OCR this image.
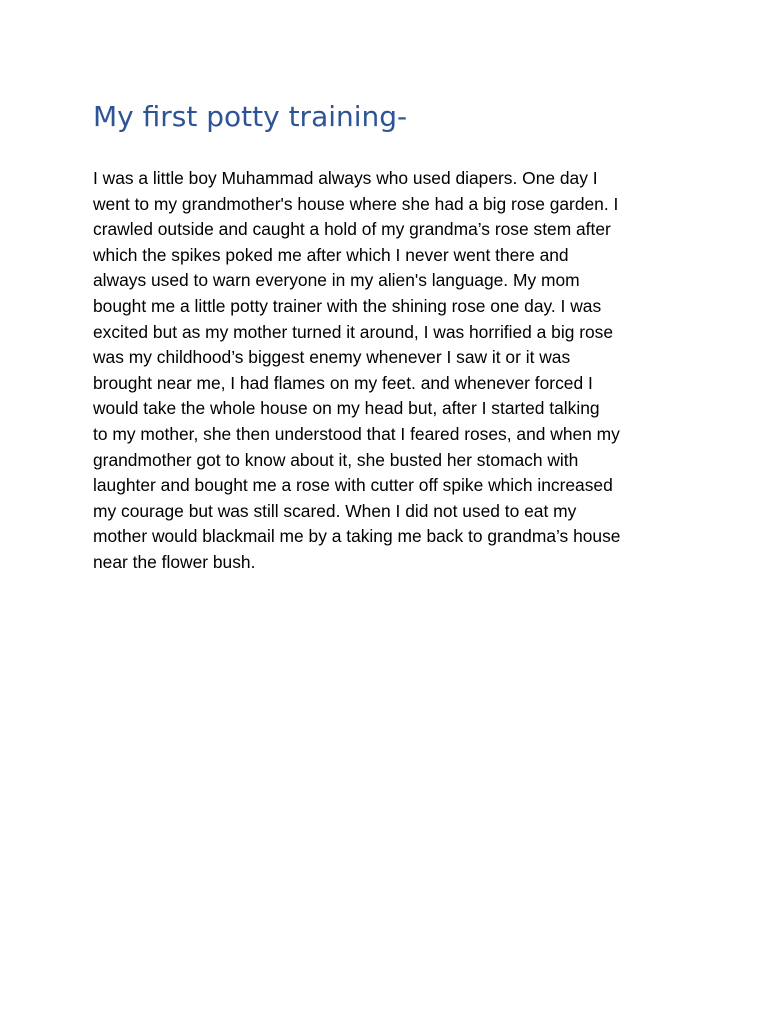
My first potty training-
I was a little boy Muhammad always who used diapers. One day I
went to my grandmother's house where she had a big rose garden. I
crawled outside and caught a hold of my grandma’s rose stem after
which the spikes poked me after which I never went there and
always used to warn everyone in my alien's language. My mom
bought me a little potty trainer with the shining rose one day. I was
excited but as my mother turned it around, I was horrified a big rose
was my childhood’s biggest enemy whenever I saw it or it was
brought near me, I had flames on my feet. and whenever forced I
would take the whole house on my head but, after I started talking
to my mother, she then understood that I feared roses, and when my
grandmother got to know about it, she busted her stomach with
laughter and bought me a rose with cutter off spike which increased
my courage but was still scared. When I did not used to eat my
mother would blackmail me by a taking me back to grandma’s house
near the flower bush.
